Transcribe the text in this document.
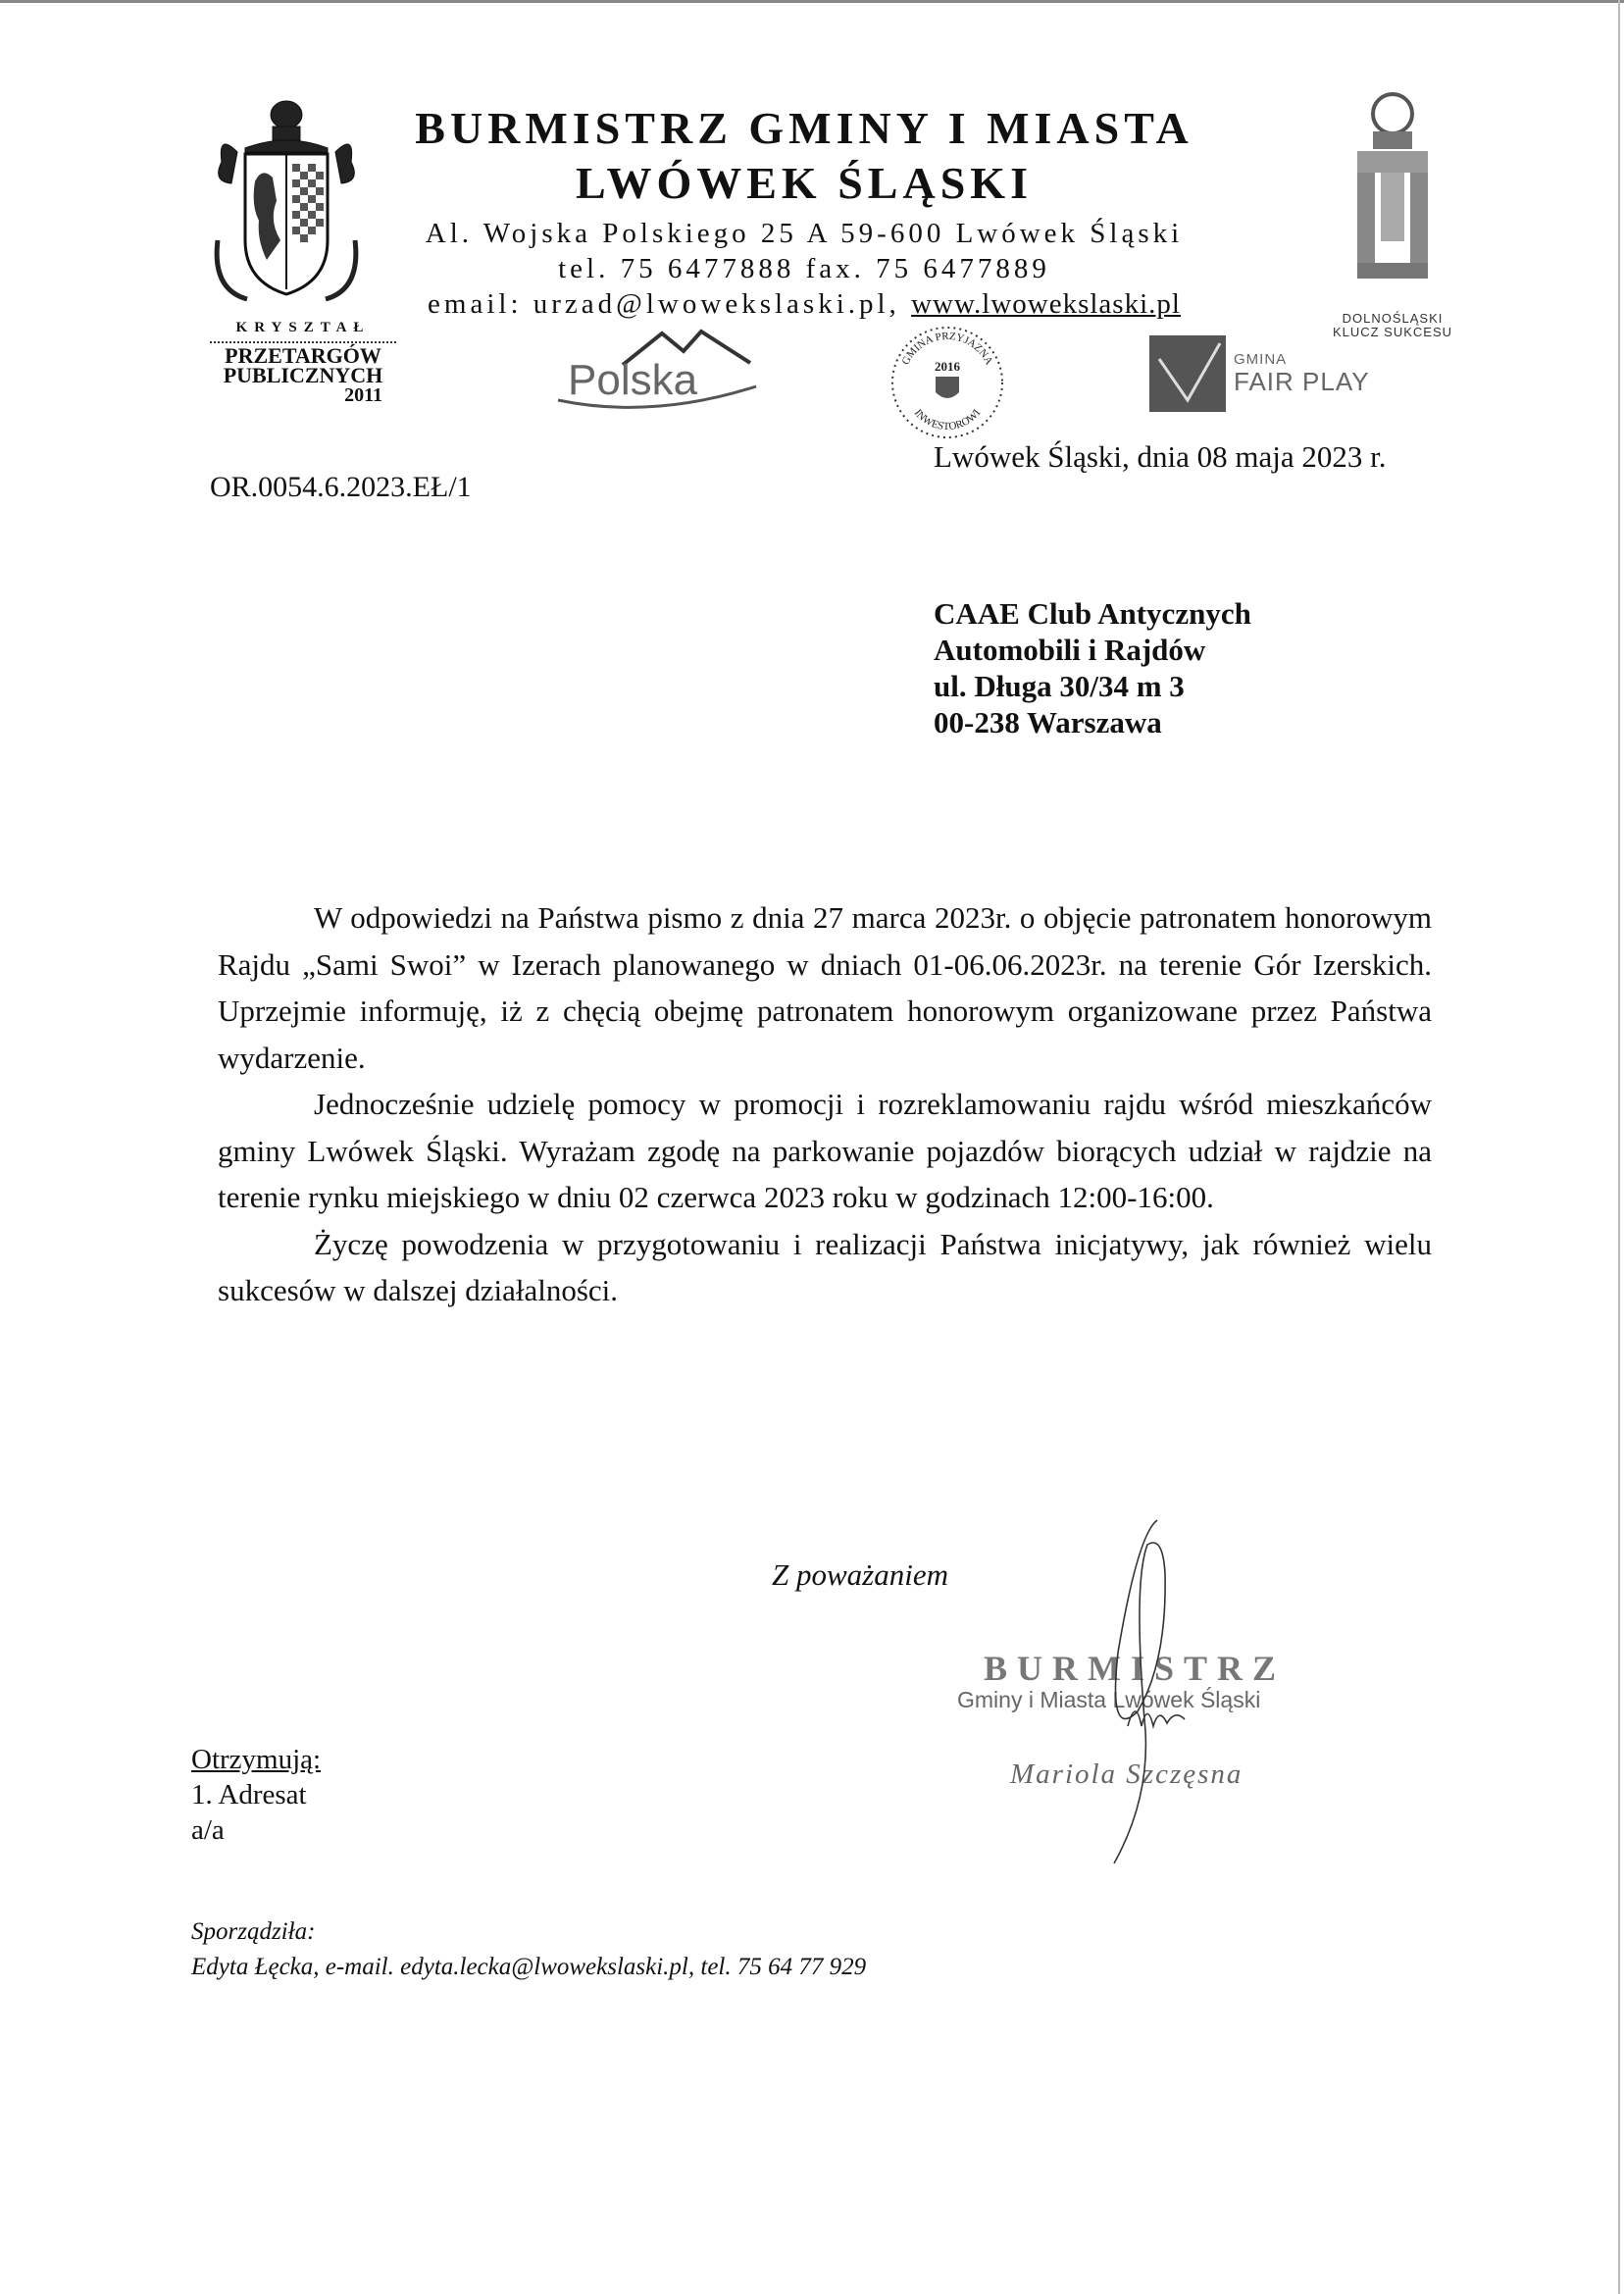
BURMISTRZ GMINY I MIASTA
LWÓWEK ŚLĄSKI
Al. Wojska Polskiego 25 A 59-600 Lwówek Śląski
tel. 75 6477888 fax. 75 6477889
email: urzad@lwowekslaski.pl, www.lwowekslaski.pl	DOLNOŚLĄSKI
KLUCZ SUKCESU
KRYSZTAŁ
PRZETARGÓW
PUBLICZNYCH
2011	Polska	GMINA PRZYJAZNA
INWESTOROWI
2016	GMINA
FAIR PLAY
Lwówek Śląski, dnia 08 maja 2023 r.
OR.0054.6.2023.EŁ/1
CAAE Club Antycznych
Automobili i Rajdów
ul. Długa 30/34 m 3
00-238 Warszawa

W odpowiedzi na Państwa pismo z dnia 27 marca 2023r. o objęcie patronatem honorowym Rajdu „Sami Swoi” w Izerach planowanego w dniach 01-06.06.2023r. na terenie Gór Izerskich. Uprzejmie informuję, iż z chęcią obejmę patronatem honorowym organizowane przez Państwa wydarzenie.

Jednocześnie udzielę pomocy w promocji i rozreklamowaniu rajdu wśród mieszkańców gminy Lwówek Śląski. Wyrażam zgodę na parkowanie pojazdów biorących udział w rajdzie na terenie rynku miejskiego w dniu 02 czerwca 2023 roku w godzinach 12:00-16:00.

Życzę powodzenia w przygotowaniu i realizacji Państwa inicjatywy, jak również wielu sukcesów w dalszej działalności.

Z poważaniem
BURMISTRZ
Gminy i Miasta Lwówek Śląski
Mariola Szczęsna
Otrzymują:
1. Adresat
a/a
Sporządziła:
Edyta Łęcka, e-mail. edyta.lecka@lwowekslaski.pl, tel. 75 64 77 929
